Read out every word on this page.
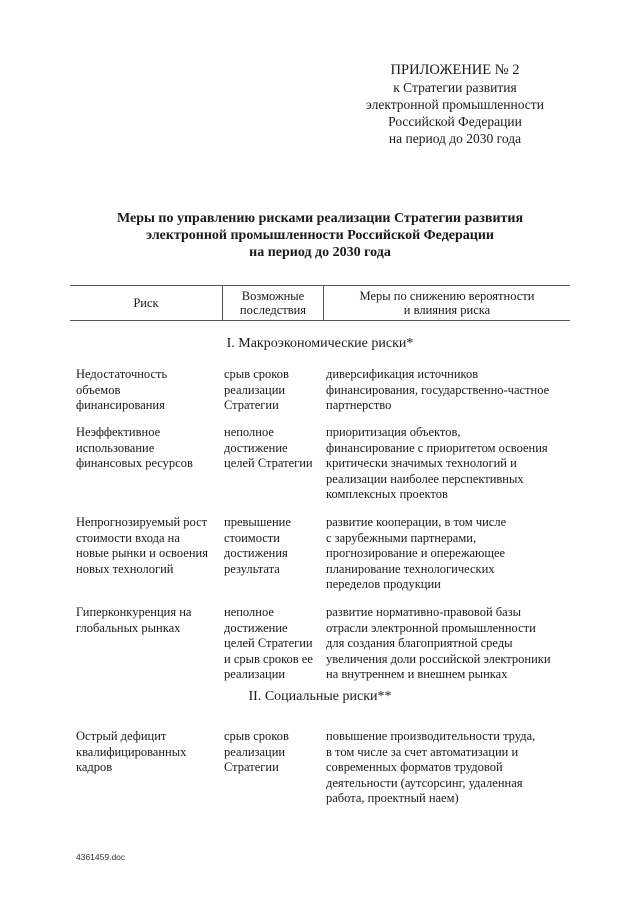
ПРИЛОЖЕНИЕ № 2
к Стратегии развития
электронной промышленности
Российской Федерации
на период до 2030 года
Меры по управлению рисками реализации Стратегии развития
электронной промышленности Российской Федерации
на период до 2030 года
Риск	Возможные
последствия
Меры по снижению вероятности
и влияния риска
I. Макроэкономические риски*
Недостаточность
объемов
финансирования
срыв сроков
реализации
Стратегии
диверсификация источников
финансирования, государственно-частное
партнерство
Неэффективное
использование
финансовых ресурсов
неполное
достижение
целей Стратегии
приоритизация объектов,
финансирование с приоритетом освоения
критически значимых технологий и
реализации наиболее перспективных
комплексных проектов
Непрогнозируемый рост
стоимости входа на
новые рынки и освоения
новых технологий
превышение
стоимости
достижения
результата
развитие кооперации, в том числе
с зарубежными партнерами,
прогнозирование и опережающее
планирование технологических
переделов продукции
Гиперконкуренция на
глобальных рынках
неполное
достижение
целей Стратегии
и срыв сроков ее
реализации
развитие нормативно-правовой базы
отрасли электронной промышленности
для создания благоприятной среды
увеличения доли российской электроники
на внутреннем и внешнем рынках
II. Социальные риски**
Острый дефицит
квалифицированных
кадров
срыв сроков
реализации
Стратегии
повышение производительности труда,
в том числе за счет автоматизации и
современных форматов трудовой
деятельности (аутсорсинг, удаленная
работа, проектный наем)
4361459.doc
